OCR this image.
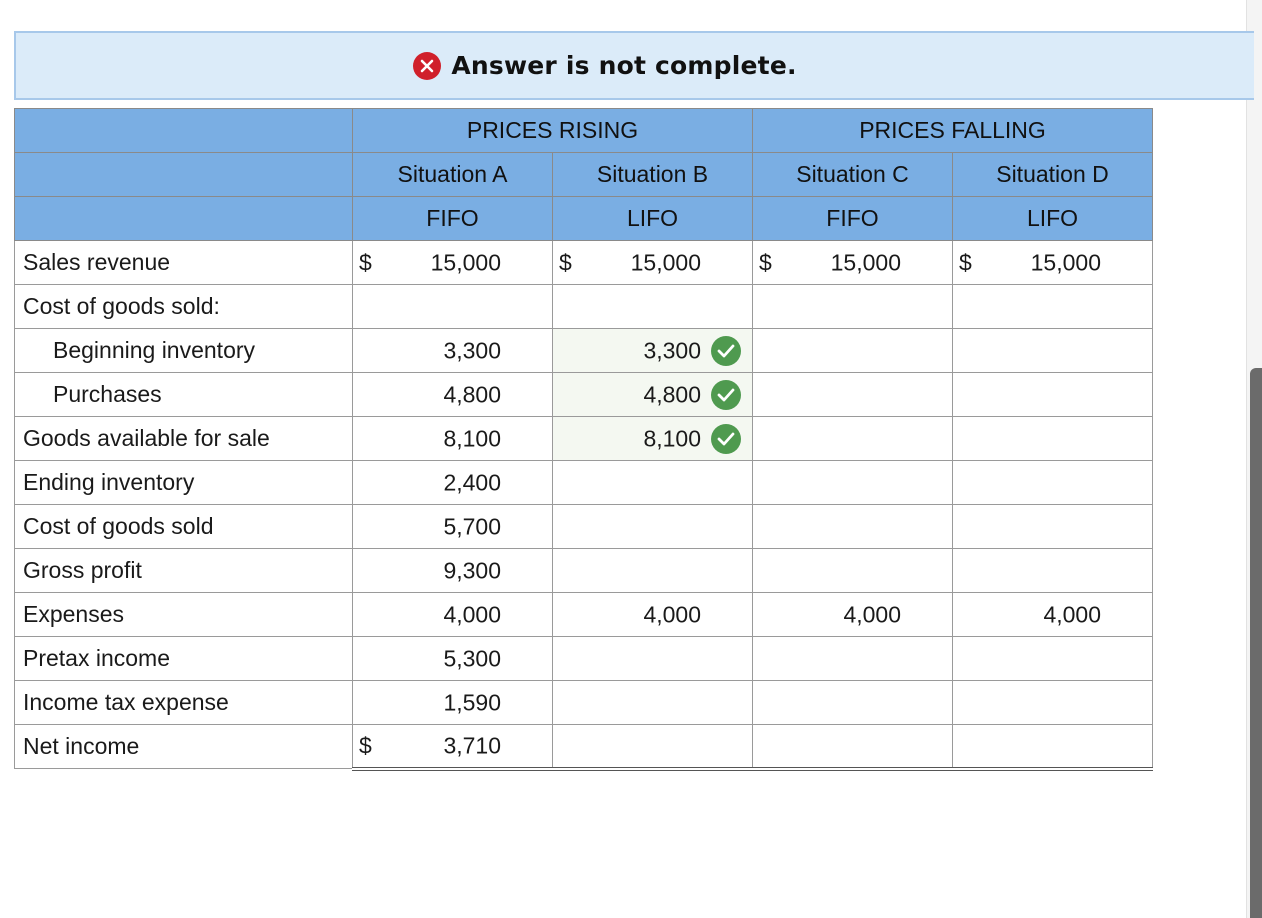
Answer is not complete.
	PRICES RISING		PRICES FALLING	
	Situation A	Situation B	Situation C	Situation D
	FIFO	LIFO	FIFO	LIFO
Sales revenue	$ 15,000	$ 15,000	$ 15,000	$ 15,000

Cost of goods sold:	

Beginning inventory	3,300	3,300		

Purchases	4,800	4,800		

Goods available for sale	8,100	8,100		

Ending inventory	2,400			

Cost of goods sold	5,700			

Gross profit	9,300			

Expenses	4,000	4,000	4,000	4,000

Pretax income	5,300			

Income tax expense	1,590			

Net income	$ 3,710			
